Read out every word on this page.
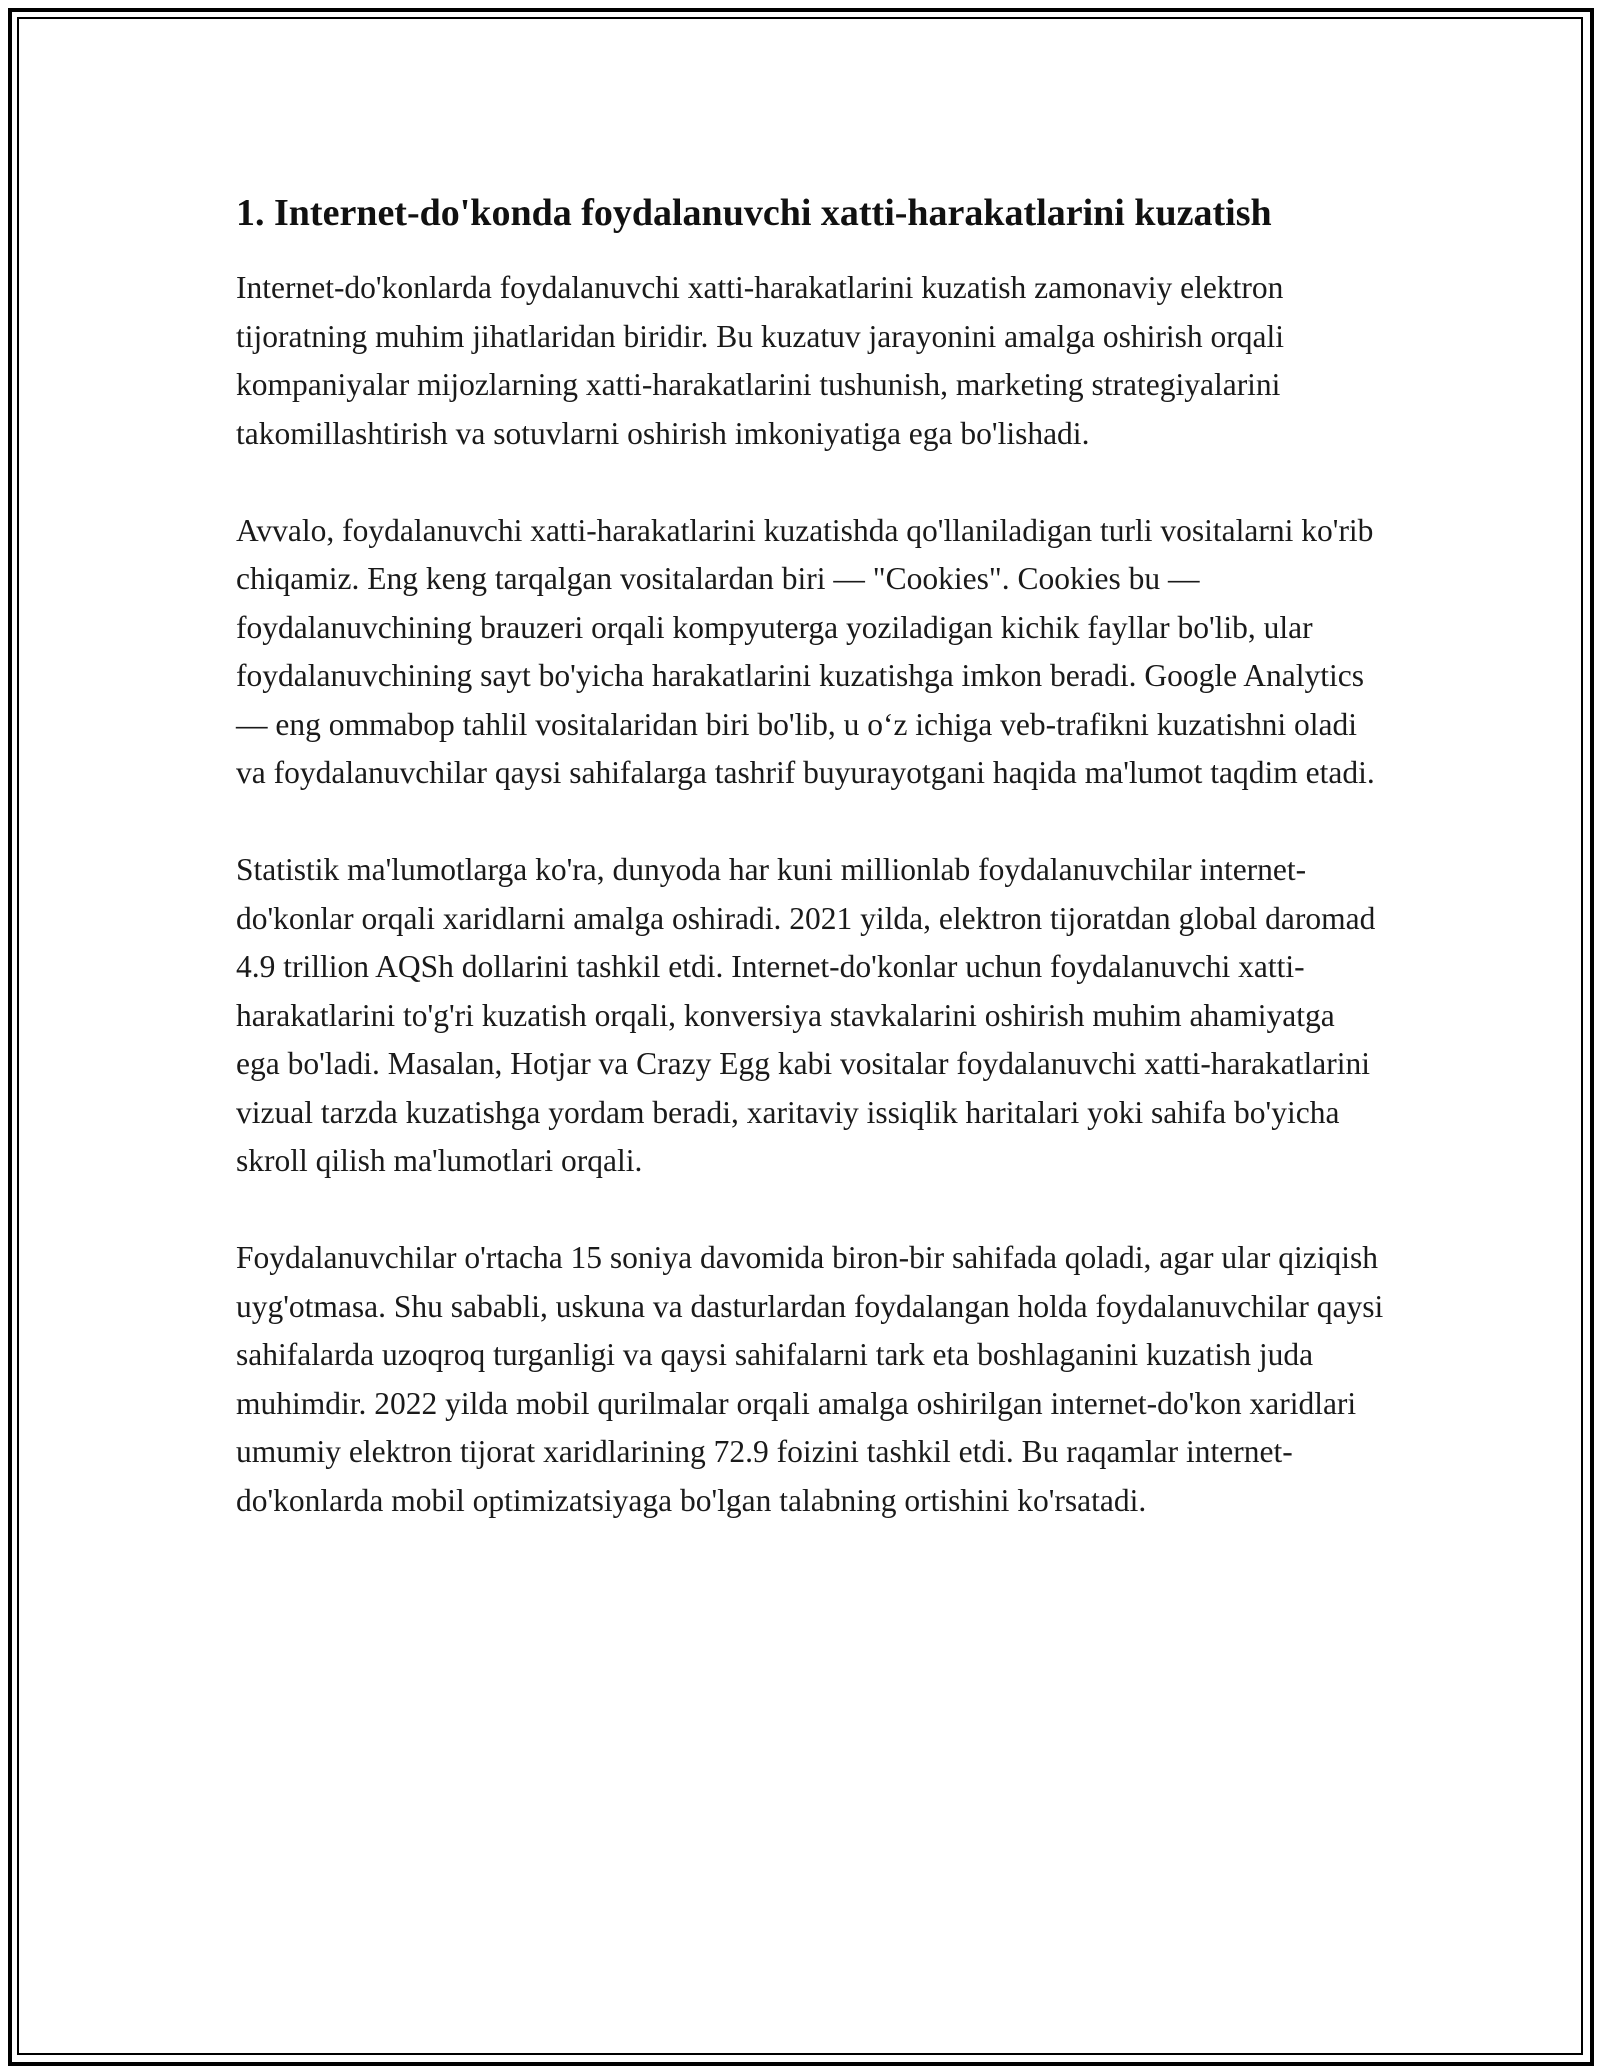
1. Internet-do'konda foydalanuvchi xatti-harakatlarini kuzatish

Internet-do'konlarda foydalanuvchi xatti-harakatlarini kuzatish zamonaviy elektron tijoratning muhim jihatlaridan biridir. Bu kuzatuv jarayonini amalga oshirish orqali kompaniyalar mijozlarning xatti-harakatlarini tushunish, marketing strategiyalarini takomillashtirish va sotuvlarni oshirish imkoniyatiga ega bo'lishadi.

Avvalo, foydalanuvchi xatti-harakatlarini kuzatishda qo'llaniladigan turli vositalarni ko'rib chiqamiz. Eng keng tarqalgan vositalardan biri — "Cookies". Cookies bu — foydalanuvchining brauzeri orqali kompyuterga yoziladigan kichik fayllar bo'lib, ular foydalanuvchining sayt bo'yicha harakatlarini kuzatishga imkon beradi. Google Analytics — eng ommabop tahlil vositalaridan biri bo'lib, u o‘z ichiga veb-trafikni kuzatishni oladi va foydalanuvchilar qaysi sahifalarga tashrif buyurayotgani haqida ma'lumot taqdim etadi.

Statistik ma'lumotlarga ko'ra, dunyoda har kuni millionlab foydalanuvchilar internet-do'konlar orqali xaridlarni amalga oshiradi. 2021 yilda, elektron tijoratdan global daromad 4.9 trillion AQSh dollarini tashkil etdi. Internet-do'konlar uchun foydalanuvchi xatti-harakatlarini to'g'ri kuzatish orqali, konversiya stavkalarini oshirish muhim ahamiyatga ega bo'ladi. Masalan, Hotjar va Crazy Egg kabi vositalar foydalanuvchi xatti-harakatlarini vizual tarzda kuzatishga yordam beradi, xaritaviy issiqlik haritalari yoki sahifa bo'yicha skroll qilish ma'lumotlari orqali.

Foydalanuvchilar o'rtacha 15 soniya davomida biron-bir sahifada qoladi, agar ular qiziqish uyg'otmasa. Shu sababli, uskuna va dasturlardan foydalangan holda foydalanuvchilar qaysi sahifalarda uzoqroq turganligi va qaysi sahifalarni tark eta boshlaganini kuzatish juda muhimdir. 2022 yilda mobil qurilmalar orqali amalga oshirilgan internet-do'kon xaridlari umumiy elektron tijorat xaridlarining 72.9 foizini tashkil etdi. Bu raqamlar internet-do'konlarda mobil optimizatsiyaga bo'lgan talabning ortishini ko'rsatadi.
